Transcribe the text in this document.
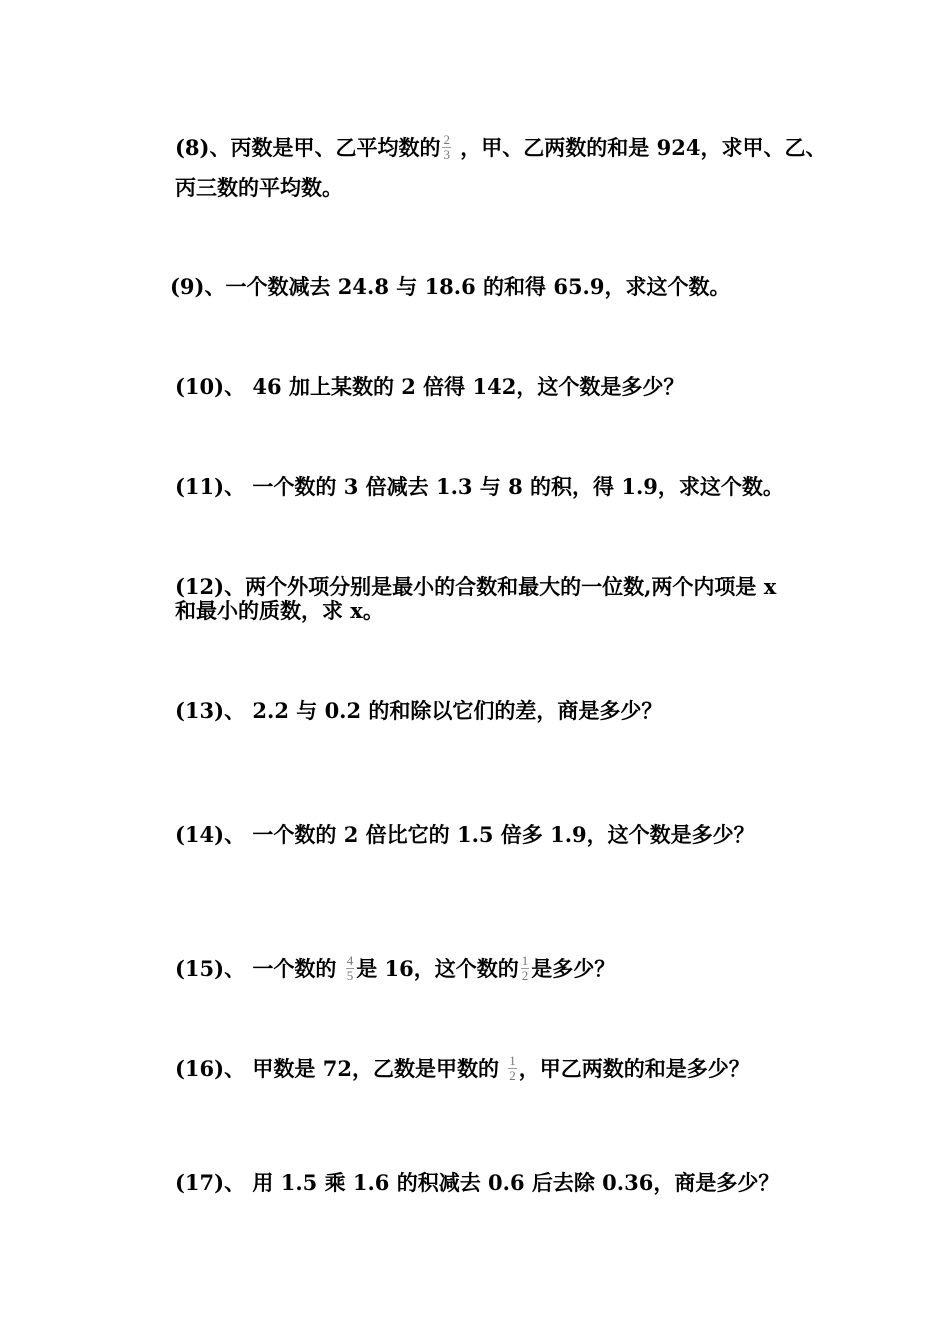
(8)、丙数是甲、乙平均数的 $\frac{2}{3}$ ，甲、乙两数的和是 924，求甲、乙、
丙三数的平均数。
(9)、一个数减去 24.8 与 18.6 的和得 65.9，求这个数。
(10)、 46 加上某数的 2 倍得 142，这个数是多少？
(11)、 一个数的 3 倍减去 1.3 与 8 的积，得 1.9，求这个数。
(12)、两个外项分别是最小的合数和最大的一位数,两个内项是 x
和最小的质数，求 x。
(13)、 2.2 与 0.2 的和除以它们的差，商是多少？
(14)、 一个数的 2 倍比它的 1.5 倍多 1.9，这个数是多少？
(15)、 一个数的 $\frac{4}{5}$ 是 16，这个数的 $\frac{1}{2}$ 是多少？
(16)、 甲数是 72，乙数是甲数的 $\frac{1}{2}$ ，甲乙两数的和是多少？
(17)、 用 1.5 乘 1.6 的积减去 0.6 后去除 0.36，商是多少？
